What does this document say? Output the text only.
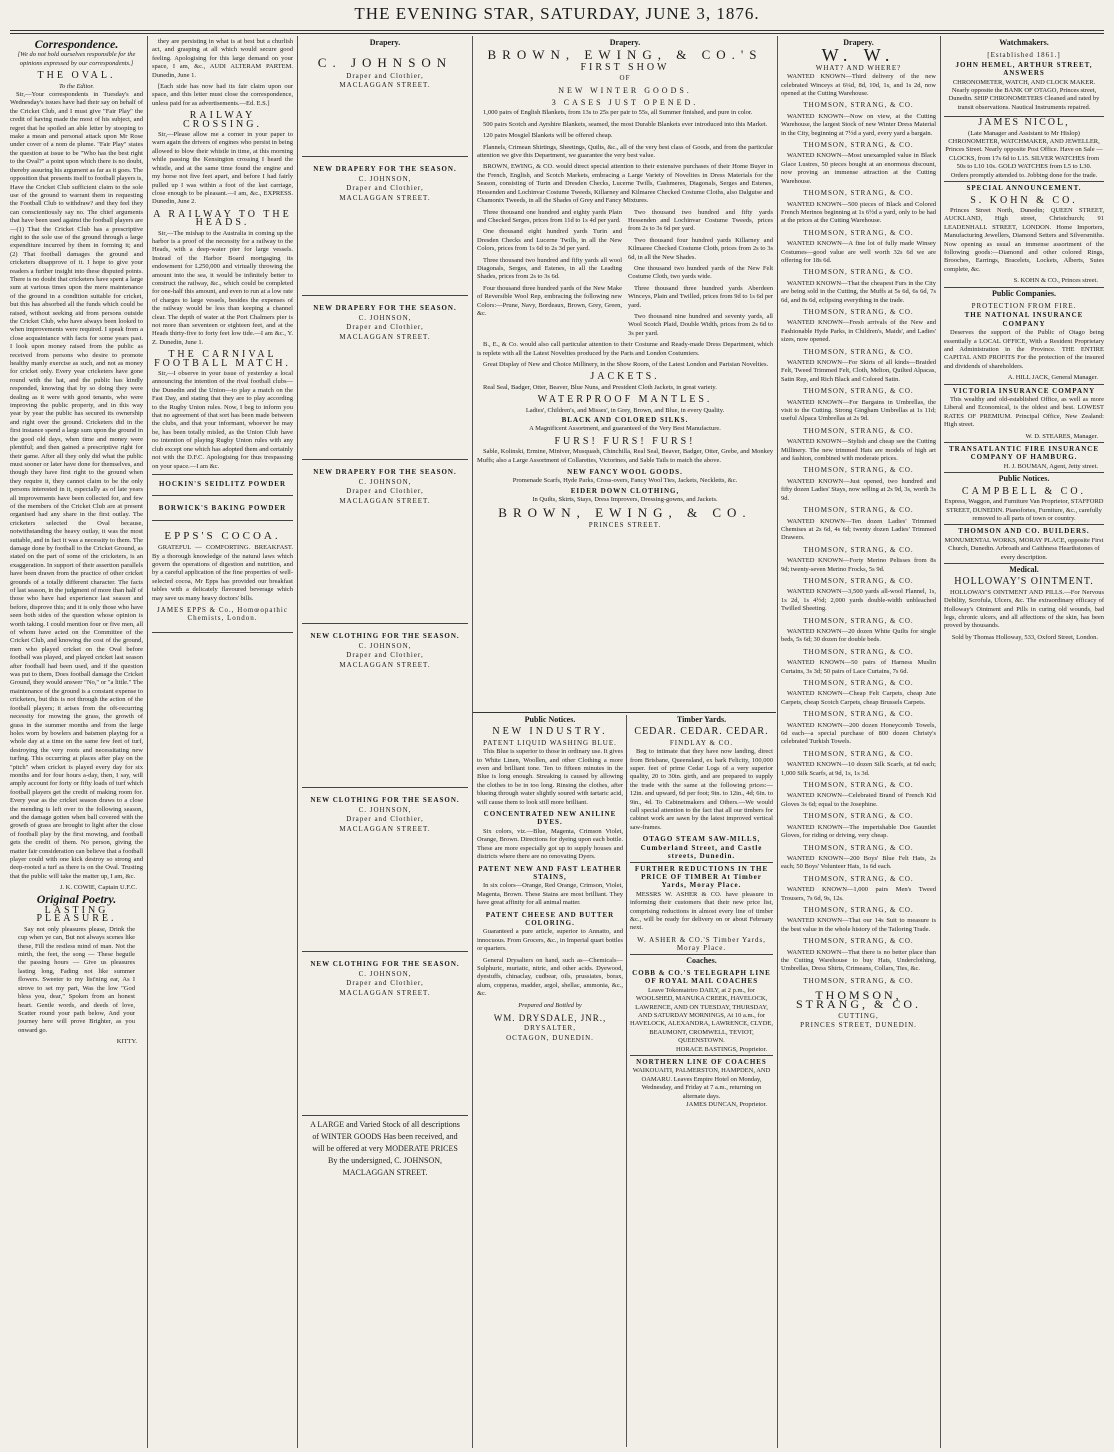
THE EVENING STAR, SATURDAY, JUNE 3, 1876.
Correspondence.
[We do not hold ourselves responsible for the opinions expressed by our correspondents.]
THE OVAL.
To the Editor.
Sir,—Your correspondents in Tuesday's and Wednesday's issues have had their say on behalf of the Cricket Club, and I must give "Fair Play" the credit of having made the most of his subject, and regret that he spoiled an able letter by stooping to make a mean and personal attack upon Mr Rose under cover of a nom de plume. "Fair Play" states the question at issue to be "Who has the best right to the Oval?" a point upon which there is no doubt, thereby assuring his argument as far as it goes. The opposition that presents itself to football players is, Have the Cricket Club sufficient claim to the sole use of the ground to warrant them in requesting the Football Club to withdraw? and they feel they can conscientiously say no. The chief arguments that have been used against the football players are—(1) That the Cricket Club has a prescriptive right to the sole use of the ground through a large expenditure incurred by them in forming it; and (2) That football damages the ground and cricketers disapprove of it. I hope to give your readers a further insight into these disputed points. There is no doubt that cricketers have spent a large sum at various times upon the mere maintenance of the ground in a condition suitable for cricket, but this has absorbed all the funds which could be raised, without seeking aid from persons outside the Cricket Club, who have always been looked to when improvements were required. I speak from a close acquaintance with facts for some years past. I look upon money raised from the public as received from persons who desire to promote healthy manly exercise as such, and not as money for cricket only. Every year cricketers have gone round with the hat, and the public has kindly responded, knowing that by so doing they were dealing as it were with good tenants, who were improving the public property, and in this way year by year the public has secured its ownership and right over the ground. Cricketers did in the first instance spend a large sum upon the ground in the good old days, when time and money were plentiful; and then gained a prescriptive right for their game. After all they only did what the public must sooner or later have done for themselves, and though they have first right to the ground when they require it, they cannot claim to be the only persons interested in it, especially as of late years all improvements have been collected for, and few of the members of the Cricket Club are at present organised had any share in the first outlay. The cricketers selected the Oval because, notwithstanding the heavy outlay, it was the most suitable, and in fact it was a necessity to them. The damage done by football to the Cricket Ground, as stated on the part of some of the cricketers, is an exaggeration. In support of their assertion parallels have been drawn from the practice of other cricket grounds of a totally different character. The facts of last season, in the judgment of more than half of those who have had experience last season and before, disprove this; and it is only those who have seen both sides of the question whose opinion is worth taking. I could mention four or five men, all of whom have acted on the Committee of the Cricket Club, and knowing the cost of the ground, men who played cricket on the Oval before football was played, and played cricket last season after football had been used, and if the question was put to them, Does football damage the Cricket Ground, they would answer "No," or "a little." The maintenance of the ground is a constant expense to cricketers, but this is not through the action of the football players; it arises from the oft-recurring necessity for mowing the grass, the growth of grass in the summer months and from the large holes worn by bowlers and batsmen playing for a whole day at a time on the same few feet of turf, destroying the very roots and necessitating new turfing. This occurring at places after play on the "pitch" when cricket is played every day for six months and for four hours a-day, then, I say, will amply account for forty or fifty loads of turf which football players get the credit of making room for. Every year as the cricket season draws to a close the mending is left over to the following season, and the damage gotten when ball covered with the growth of grass are brought to light after the close of football play by the first mowing, and football gets the credit of them. No person, giving the matter fair consideration can believe that a football player could with one kick destroy so strong and deep-rooted a turf as there is on the Oval. Trusting that the public will take the matter up, I am, &c.
J. K. COWIE, Captain U.F.C.
Original Poetry.
LASTING PLEASURE.
Say not only pleasures please, Drink the cup when ye can, But not always scenes like these, Fill the restless mind of man. Not the mirth, the feet, the song — These beguile the passing hours — Give us pleasures lasting long, Fading not like summer flowers. Sweeter to my list'ning ear, As I strove to set my part, Was the low "God bless you, dear," Spoken from an honest heart. Gentle words, and deeds of love, Scatter round your path below, And your journey here will prove Brighter, as you onward go.
KITTY.
they are persisting in what is at best but a churlish act, and grasping at all which would secure good feeling. Apologising for this large demand on your space, I am, &c., AUDI ALTERAM PARTEM. Dunedin, June 1.
[Each side has now had its fair claim upon our space, and this letter must close the correspondence, unless paid for as advertisements.—Ed. E.S.]
RAILWAY CROSSING.
Sir,—Please allow me a corner in your paper to warn again the drivers of engines who persist in being allowed to blow their whistle in time, at this morning while passing the Kensington crossing I heard the whistle, and at the same time found the engine and my horse not five feet apart, and before I had fairly pulled up I was within a foot of the last carriage, close enough to be pleasant.—I am, &c., EXPRESS. Dunedin, June 2.
A RAILWAY TO THE HEADS.
Sir,—The mishap to the Australia in coming up the harbor is a proof of the necessity for a railway to the Heads, with a deep-water pier for large vessels. Instead of the Harbor Board mortgaging its endowment for L250,000 and virtually throwing the amount into the sea, it would be infinitely better to construct the railway, &c., which could be completed for one-half this amount, and even to run at a low rate of charges to large vessels, besides the expenses of the railway would be less than keeping a channel clear. The depth of water at the Port Chalmers pier is not more than seventeen or eighteen feet, and at the Heads thirty-five to forty feet low tide.—I am &c., Y. Z. Dunedin, June 1.
THE CARNIVAL FOOTBALL MATCH.
Sir,—I observe in your issue of yesterday a local announcing the intention of the rival football clubs—the Dunedin and the Union—to play a match on the Fast Day, and stating that they are to play according to the Rugby Union rules. Now, I beg to inform you that no agreement of that sort has been made between the clubs, and that your informant, whoever he may be, has been totally misled, as the Union Club have no intention of playing Rugby Union rules with any club except one which has adopted them and certainly not with the D.F.C. Apologising for thus trespassing on your space.—I am &c.
HOCKIN'S SEIDLITZ POWDER
BORWICK'S BAKING POWDER
EPPS'S COCOA.
GRATEFUL — COMFORTING. BREAKFAST. By a thorough knowledge of the natural laws which govern the operations of digestion and nutrition, and by a careful application of the fine properties of well-selected cocoa, Mr Epps has provided our breakfast tables with a delicately flavoured beverage which may save us many heavy doctors' bills.
JAMES EPPS & Co., Homœopathic Chemists, London.
Drapery.
C. JOHNSON
Draper and Clothier,
MACLAGGAN STREET.
NEW DRAPERY FOR THE SEASON.
C. JOHNSON,
Draper and Clothier,
MACLAGGAN STREET.
NEW DRAPERY FOR THE SEASON.
C. JOHNSON,
Draper and Clothier,
MACLAGGAN STREET.
NEW DRAPERY FOR THE SEASON.
C. JOHNSON,
Draper and Clothier,
MACLAGGAN STREET.
NEW CLOTHING FOR THE SEASON.
C. JOHNSON,
Draper and Clothier,
MACLAGGAN STREET.
NEW CLOTHING FOR THE SEASON.
C. JOHNSON,
Draper and Clothier,
MACLAGGAN STREET.
NEW CLOTHING FOR THE SEASON.
C. JOHNSON,
Draper and Clothier,
MACLAGGAN STREET.
A LARGE and Varied Stock of all descriptions of WINTER GOODS Has been received, and will be offered at very MODERATE PRICES By the undersigned, C. JOHNSON, MACLAGGAN STREET.
Drapery.
BROWN, EWING, & CO.'S
FIRST SHOW
OF
NEW WINTER GOODS.
3 CASES JUST OPENED.
1,000 pairs of English Blankets, from 13s to 25s per pair to 55s, all Summer finished, and pure in color.
500 pairs Scotch and Ayrshire Blankets, seamed, the most Durable Blankets ever introduced into this Market.
120 pairs Mosgiel Blankets will be offered cheap.
Flannels, Crimean Shirtings, Sheetings, Quilts, &c., all of the very best class of Goods, and from the particular attention we give this Department, we guarantee the very best value.
BROWN, EWING, & CO. would direct special attention to their extensive purchases of their Home Buyer in the French, English, and Scotch Markets, embracing a Large Variety of Novelties in Dress Materials for the Season, consisting of Turin and Dresden Checks, Lucerne Twills, Cashmeres, Diagonals, Serges and Estenes, Hessenden and Lochinvar Costume Tweeds, Killarney and Kilmaree Checked Costume Cloths, also Dalguise and Chamonix Tweeds, in all the Shades of Grey and Fancy Mixtures.
Three thousand one hundred and eighty yards Plain and Checked Serges, prices from 11d to 1s 4d per yard.
One thousand eight hundred yards Turin and Dresden Checks and Lucerne Twills, in all the New Colors, prices from 1s 6d to 2s 3d per yard.
Three thousand two hundred and fifty yards all wool Diagonals, Serges, and Estenes, in all the Leading Shades, prices from 2s to 3s 6d.
Four thousand three hundred yards of the New Make of Reversible Wool Rep, embracing the following new Colors:—Prune, Navy, Bordeaux, Brown, Grey, Green, &c.
Two thousand two hundred and fifty yards Hessenden and Lochinvar Costume Tweeds, prices from 2s to 3s 6d per yard.
Two thousand four hundred yards Killarney and Kilmaree Checked Costume Cloth, prices from 2s to 3s 6d, in all the New Shades.
One thousand two hundred yards of the New Felt Costume Cloth, two yards wide.
Three thousand three hundred yards Aberdeen Winceys, Plain and Twilled, prices from 9d to 1s 6d per yard.
Two thousand nine hundred and seventy yards, all Wool Scotch Plaid, Double Width, prices from 2s 6d to 3s per yard.
B., E., & Co. would also call particular attention to their Costume and Ready-made Dress Department, which is replete with all the Latest Novelties produced by the Paris and London Costumiers.
Great Display of New and Choice Millinery, in the Show Room, of the Latest London and Parisian Novelties.
JACKETS.
Real Seal, Badger, Otter, Beaver, Blue Nuns, and President Cloth Jackets, in great variety.
WATERPROOF MANTLES.
Ladies', Children's, and Misses', in Grey, Brown, and Blue, in every Quality.
BLACK AND COLORED SILKS.
A Magnificent Assortment, and guaranteed of the Very Best Manufacture.
FURS! FURS! FURS!
Sable, Kolinski, Ermine, Miniver, Musquash, Chinchilla, Real Seal, Beaver, Badger, Otter, Grebe, and Monkey Muffs; also a Large Assortment of Collarettes, Victorines, and Sable Tails to match the above.
NEW FANCY WOOL GOODS.
Promenade Scarfs, Hyde Parks, Cross-overs, Fancy Wool Ties, Jackets, Neckletts, &c.
EIDER DOWN CLOTHING,
In Quilts, Skirts, Stays, Dress Improvers, Dressing-gowns, and Jackets.
BROWN, EWING, & CO.
PRINCES STREET.
Public Notices.
NEW INDUSTRY.
PATENT LIQUID WASHING BLUE.
This Blue is superior to those in ordinary use. It gives to White Linen, Woollen, and other Clothing a more even and brilliant tone. Ten to fifteen minutes in the Blue is long enough. Streaking is caused by allowing the clothes to be in too long. Rinsing the clothes, after blueing through water slightly soured with tartaric acid, will cause them to look still more brilliant.
CONCENTRATED NEW ANILINE DYES.
Six colors, viz.—Blue, Magenta, Crimson Violet, Orange, Brown. Directions for dyeing upon each bottle. These are more especially got up to supply houses and districts where there are no renovating Dyers.
PATENT NEW AND FAST LEATHER STAINS,
In six colors—Orange, Red Orange, Crimson, Violet, Magenta, Brown. These Stains are most brilliant. They have great affinity for all animal matter.
PATENT CHEESE AND BUTTER COLORING.
Guaranteed a pure article, superior to Annatto, and innocuous. From Grocers, &c., in Imperial quart bottles or quarters.
General Drysalters on hand, such as—Chemicals—Sulphuric, muriatic, nitric, and other acids. Dyewood, dyestuffs, chinaclay, cudbear, oils, prussiates, borax, alum, copperas, madder, argol, shellac, ammonia, &c., &c.
Prepared and Bottled by
WM. DRYSDALE, JNR.,
DRYSALTER,
OCTAGON, DUNEDIN.
Timber Yards.
CEDAR. CEDAR. CEDAR.
FINDLAY & CO.
Beg to intimate that they have now landing, direct from Brisbane, Queensland, ex bark Felicity, 100,000 super. feet of prime Cedar Logs of a very superior quality, 20 to 30in. girth, and are prepared to supply the trade with the same at the following prices:— 12in. and upward, 6d per foot; 9in. to 12in., 4d; 6in. to 9in., 4d. To Cabinetmakers and Others.—We would call special attention to the fact that all our timbers for cabinet work are sawn by the latest improved vertical saw-frames.
OTAGO STEAM SAW-MILLS, Cumberland Street, and Castle streets, Dunedin.
FURTHER REDUCTIONS IN THE PRICE OF TIMBER At Timber Yards, Moray Place.
MESSRS W. ASHER & CO. have pleasure in informing their customers that their new price list, comprising reductions in almost every line of timber &c., will be ready for delivery on or about February next.
W. ASHER & CO.'S Timber Yards, Moray Place.
Coaches.
COBB & CO.'S TELEGRAPH LINE OF ROYAL MAIL COACHES
Leave Tokomairiro DAILY, at 2 p.m., for WOOLSHED, MANUKA CREEK, HAVELOCK, LAWRENCE, AND ON TUESDAY, THURSDAY, AND SATURDAY MORNINGS, At 10 a.m., for HAVELOCK, ALEXANDRA, LAWRENCE, CLYDE, BEAUMONT, CROMWELL, TEVIOT, QUEENSTOWN.
HORACE BASTINGS, Proprietor.
NORTHERN LINE OF COACHES
WAIKOUAITI, PALMERSTON, HAMPDEN, AND OAMARU. Leaves Empire Hotel on Monday, Wednesday, and Friday at 7 a.m., returning on alternate days.
JAMES DUNCAN, Proprietor.
Drapery.
W. W.
WHAT? AND WHERE?
WANTED KNOWN—Third delivery of the new celebrated Winceys at 6¼d, 8d, 10d, 1s, and 1s 2d, now opened at the Cutting Warehouse.
THOMSON, STRANG, & CO.
WANTED KNOWN—Now on view, at the Cutting Warehouse, the largest Stock of new Winter Dress Material in the City, beginning at 7½d a yard, every yard a bargain.
THOMSON, STRANG, & CO.
WANTED KNOWN—Most unexampled value in Black Glace Lustres, 50 pieces bought at an enormous discount, now proving an immense attraction at the Cutting Warehouse.
THOMSON, STRANG, & CO.
WANTED KNOWN—500 pieces of Black and Colored French Merinos beginning at 1s 6½d a yard, only to be had at the prices at the Cutting Warehouse.
THOMSON, STRANG, & CO.
WANTED KNOWN—A fine lot of fully made Winsey Costumes—good value are well worth 32s 6d we are offering for 18s 6d.
THOMSON, STRANG, & CO.
WANTED KNOWN—That the cheapest Furs in the City are being sold in the Cutting, the Muffs at 5s 6d, 6s 6d, 7s 6d, and 8s 6d, eclipsing everything in the trade.
THOMSON, STRANG, & CO.
WANTED KNOWN—Fresh arrivals of the New and Fashionable Hyde Parks, in Children's, Maids', and Ladies' sizes, now opened.
THOMSON, STRANG, & CO.
WANTED KNOWN—For Skirts of all kinds—Braided Felt, Tweed Trimmed Felt, Cloth, Melton, Quilted Alpacas, Satin Rep, and Rich Black and Colored Satin.
THOMSON, STRANG, & CO.
WANTED KNOWN—For Bargains in Umbrellas, the visit to the Cutting. Strong Gingham Umbrellas at 1s 11d; useful Alpaca Umbrellas at 2s 9d.
THOMSON, STRANG, & CO.
WANTED KNOWN—Stylish and cheap see the Cutting Millinery. The new trimmed Hats are models of high art and fashion, combined with moderate prices.
THOMSON, STRANG, & CO.
WANTED KNOWN—Just opened, two hundred and fifty dozen Ladies' Stays, now selling at 2s 9d, 3s, worth 3s 9d.
THOMSON, STRANG, & CO.
WANTED KNOWN—Ten dozen Ladies' Trimmed Chemises at 2s 6d, 4s 6d; twenty dozen Ladies' Trimmed Drawers.
THOMSON, STRANG, & CO.
WANTED KNOWN—Forty Merino Pelisses from 8s 9d; twenty-seven Merino Frocks, 5s 9d.
THOMSON, STRANG, & CO.
WANTED KNOWN—3,500 yards all-wool Flannel, 1s, 1s 2d, 1s 4½d; 2,000 yards double-width unbleached Twilled Sheeting.
THOMSON, STRANG, & CO.
WANTED KNOWN—20 dozen White Quilts for single beds, 5s 6d; 30 dozen for double beds.
THOMSON, STRANG, & CO.
WANTED KNOWN—50 pairs of Harness Muslin Curtains, 3s 3d; 50 pairs of Lace Curtains, 7s 6d.
THOMSON, STRANG, & CO.
WANTED KNOWN—Cheap Felt Carpets, cheap Jute Carpets, cheap Scotch Carpets, cheap Brussels Carpets.
THOMSON, STRANG, & CO.
WANTED KNOWN—200 dozen Honeycomb Towels, 6d each—a special purchase of 800 dozen Christy's celebrated Turkish Towels.
THOMSON, STRANG, & CO.
WANTED KNOWN—10 dozen Silk Scarfs, at 6d each; 1,000 Silk Scarfs, at 9d, 1s, 1s 3d.
THOMSON, STRANG, & CO.
WANTED KNOWN—Celebrated Brand of French Kid Gloves 3s 6d; equal to the Josephine.
THOMSON, STRANG, & CO.
WANTED KNOWN—The imperishable Doe Gauntlet Gloves, for riding or driving, very cheap.
THOMSON, STRANG, & CO.
WANTED KNOWN—200 Boys' Blue Felt Hats, 2s each; 50 Boys' Volunteer Hats, 1s 6d each.
THOMSON, STRANG, & CO.
WANTED KNOWN—1,000 pairs Men's Tweed Trousers, 7s 6d, 9s, 12s.
THOMSON, STRANG, & CO.
WANTED KNOWN—That our 14s Suit to measure is the best value in the whole history of the Tailoring Trade.
THOMSON, STRANG, & CO.
WANTED KNOWN—That there is no better place than the Cutting Warehouse to buy Hats, Underclothing, Umbrellas, Dress Shirts, Crimeans, Collars, Ties, &c.
THOMSON, STRANG, & CO.
THOMSON, STRANG, & CO.
CUTTING,
PRINCES STREET, DUNEDIN.
Watchmakers.
[Established 1861.]
JOHN HEMEL, ARTHUR STREET, ANSWERS
CHRONOMETER, WATCH, AND CLOCK MAKER. Nearly opposite the BANK OF OTAGO, Princes street, Dunedin. SHIP CHRONOMETERS Cleaned and rated by transit observations. Nautical Instruments repaired.
JAMES NICOL,
(Late Manager and Assistant to Mr Hislop) CHRONOMETER, WATCHMAKER, AND JEWELLER, Princes Street. Nearly opposite Post Office. Have on Sale — CLOCKS, from 17s 6d to L15. SILVER WATCHES from 50s to L10 10s. GOLD WATCHES from L5 to L30.
Orders promptly attended to. Jobbing done for the trade.
SPECIAL ANNOUNCEMENT.
S. KOHN & CO.
Princes Street North, Dunedin; QUEEN STREET, AUCKLAND, High street, Christchurch; 91 LEADENHALL STREET, LONDON. Home Importers, Manufacturing Jewellers, Diamond Setters and Silversmiths. Now opening as usual an immense assortment of the following goods:—Diamond and other colored Rings, Brooches, Earrings, Bracelets, Lockets, Alberts, Sutes complete, &c.
S. KOHN & CO., Princes street.
Public Companies.
PROTECTION FROM FIRE.
THE NATIONAL INSURANCE COMPANY
Deserves the support of the Public of Otago being essentially a LOCAL OFFICE, With a Resident Proprietary and Administration in the Province. THE ENTIRE CAPITAL AND PROFITS For the protection of the insured and dividends of shareholders.
A. HILL JACK, General Manager.
VICTORIA INSURANCE COMPANY
This wealthy and old-established Office, as well as more Liberal and Economical, is the oldest and best. LOWEST RATES OF PREMIUM. Principal Office, New Zealand: High street.
W. D. STEARES, Manager.
TRANSATLANTIC FIRE INSURANCE COMPANY OF HAMBURG.
H. J. BOUMAN, Agent, Jetty street.
Public Notices.
CAMPBELL & CO.
Express, Waggon, and Furniture Van Proprietor, STAFFORD STREET, DUNEDIN. Pianofortes, Furniture, &c., carefully removed to all parts of town or country.
THOMSON AND CO. BUILDERS.
MONUMENTAL WORKS, MORAY PLACE, opposite First Church, Dunedin. Arbroath and Caithness Hearthstones of every description.
Medical.
HOLLOWAY'S OINTMENT.
HOLLOWAY'S OINTMENT AND PILLS.—For Nervous Debility, Scrofula, Ulcers, &c. The extraordinary efficacy of Holloway's Ointment and Pills in curing old wounds, bad legs, chronic ulcers, and all affections of the skin, has been proved by thousands.
Sold by Thomas Holloway, 533, Oxford Street, London.
